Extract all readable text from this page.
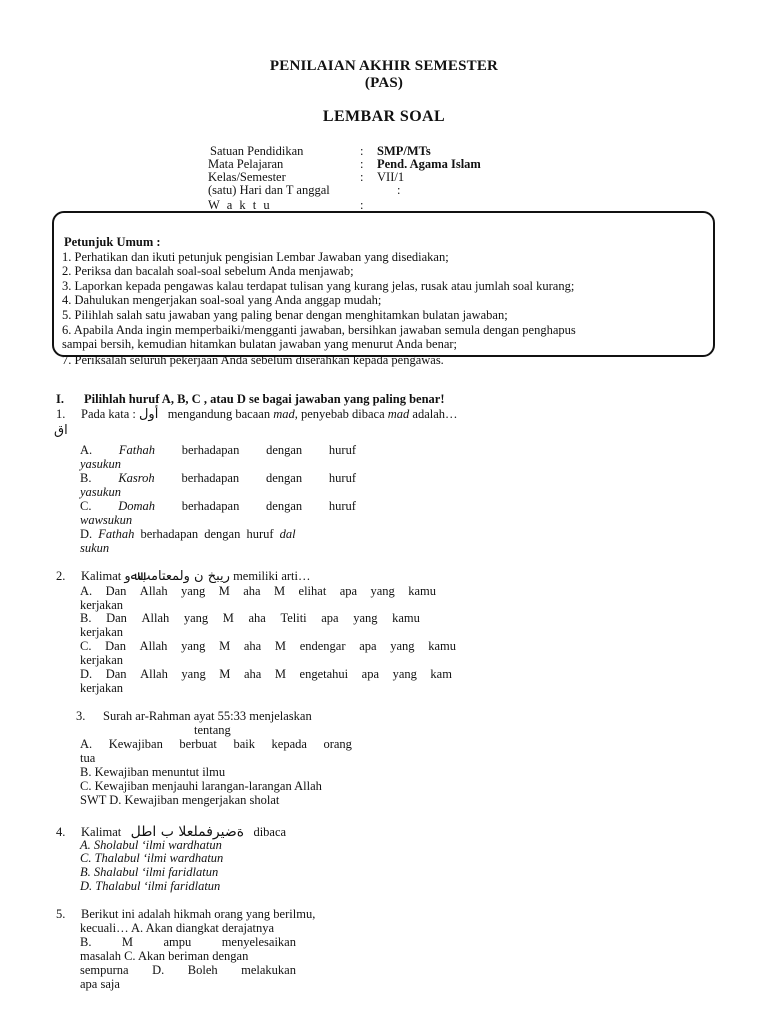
PENILAIAN AKHIR SEMESTER
(PAS)
LEMBAR SOAL
Satuan Pendidikan	: SMP/MTs
Mata Pelajaran	: Pend. Agama Islam
Kelas/Semester	: VII/1
(satu) Hari dan T anggal	:
W a k t u	:
Petunjuk Umum :
1. Perhatikan dan ikuti petunjuk pengisian Lembar Jawaban yang disediakan;
2. Periksa dan bacalah soal-soal sebelum Anda menjawab;
3. Laporkan kepada pengawas kalau terdapat tulisan yang kurang jelas, rusak atau jumlah soal kurang;
4. Dahulukan mengerjakan soal-soal yang Anda anggap mudah;
5. Pilihlah salah satu jawaban yang paling benar dengan menghitamkan bulatan jawaban;
6. Apabila Anda ingin memperbaiki/mengganti jawaban, bersihkan jawaban semula dengan penghapus
sampai bersih, kemudian hitamkan bulatan jawaban yang menurut Anda benar;
7. Periksalah seluruh pekerjaan Anda sebelum diserahkan kepada pengawas.
I. Pilihlah huruf A, B, C , atau D se bagai jawaban yang paling benar!
1. Pada kata : أول mengandung bacaan mad, penyebab dibaca mad adalah…
اق
A. Fathah berhadapan dengan huruf
yasukun
B. Kasroh berhadapan dengan huruf
yasukun
C. Domah berhadapan dengan huruf
wawsukun
D. Fathah berhadapan dengan huruf dal
sukun
2. Kalimat ريبخ ن ولمعتامبﷲو memiliki arti…
A. Dan Allah yang M aha M elihat apa yang kamu
kerjakan
B. Dan Allah yang M aha Teliti apa yang kamu
kerjakan
C. Dan Allah yang M aha M endengar apa yang kamu
kerjakan
D. Dan Allah yang M aha M engetahui apa yang kam
kerjakan
3. Surah ar-Rahman ayat 55:33 menjelaskan
tentang
A. Kewajiban berbuat baik kepada orang
tua
B. Kewajiban menuntut ilmu
C. Kewajiban menjauhi larangan-larangan Allah
SWT D. Kewajiban mengerjakan sholat
4. Kalimat ةضيرفملعلا ب اطل dibaca
A. Sholabul ‘ilmi wardhatun
C. Thalabul ‘ilmi wardhatun
B. Shalabul ‘ilmi faridlatun
D. Thalabul ‘ilmi faridlatun
5. Berikut ini adalah hikmah orang yang berilmu,
kecuali… A. Akan diangkat derajatnya
B. M ampu menyelesaikan
masalah C. Akan beriman dengan
sempurna D. Boleh melakukan
apa saja
